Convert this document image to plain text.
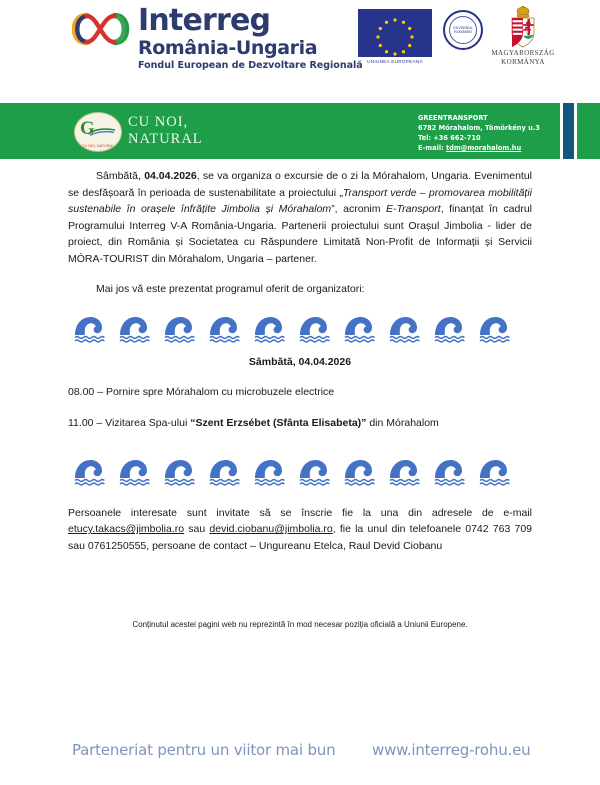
Interreg
România-Ungaria
Fondul European de Dezvoltare Regională UNIUNEA EUROPEANĂ
GUVERNUL ROMÂNIEI
MAGYARORSZÁG
KORMÁNYA
G
CU NOI, NATURAL
CU NOI,
NATURAL
GREENTRANSPORT
6782 Mórahalom, Tömörkény u.3
Tel: +36 662-710
E-mail: tdm@morahalom.hu

Sâmbătă, 04.04.2026, se va organiza o excursie de o zi la Mórahalom, Ungaria. Evenimentul se desfășoară în perioada de sustenabilitate a proiectului „Transport verde – promovarea mobilității sustenabile în orașele înfrățite Jimbolia și Mórahalom”, acronim E-Transport, finanțat în cadrul Programului Interreg V-A România-Ungaria. Partenerii proiectului sunt Orașul Jimbolia - lider de proiect, din România și Societatea cu Răspundere Limitată Non-Profit de Informații și Servicii MÓRA-TOURIST din Mórahalom, Ungaria – partener.

Mai jos vă este prezentat programul oferit de organizatori:

Sâmbătă, 04.04.2026

08.00 – Pornire spre Mórahalom cu microbuzele electrice

11.00 – Vizitarea Spa-ului “Szent Erzsébet (Sfânta Elisabeta)” din Mórahalom

Persoanele interesate sunt invitate să se înscrie fie la una din adresele de e-mail etucy.takacs@jimbolia.ro sau devid.ciobanu@jimbolia.ro, fie la unul din telefoanele 0742 763 709 sau 0761250555, persoane de contact – Ungureanu Etelca, Raul Devid Ciobanu

Conținutul acestei pagini web nu reprezintă în mod necesar poziția oficială a Uniunii Europene.
Parteneriat pentru un viitor mai bun www.interreg-rohu.eu
